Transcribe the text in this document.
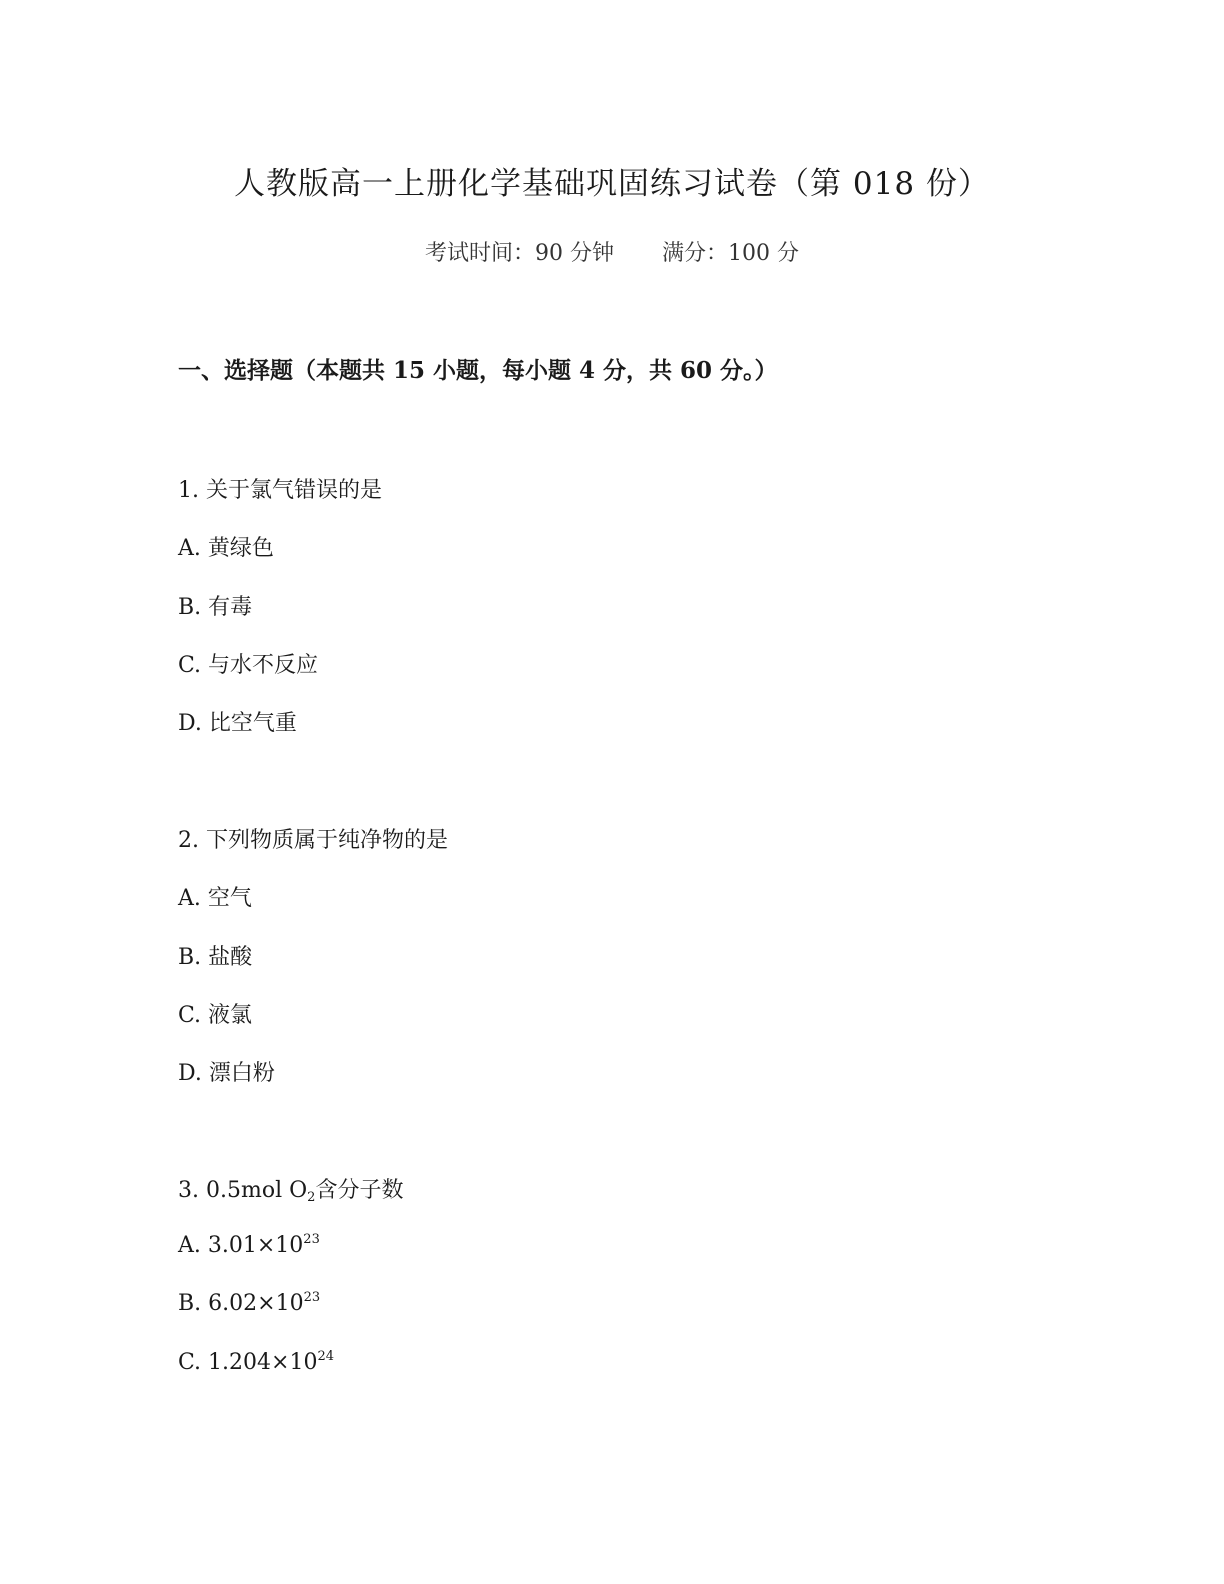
人教版高一上册化学基础巩固练习试卷（第 018 份）
考试时间：90 分钟 满分：100 分
一、选择题（本题共 15 小题，每小题 4 分，共 60 分。）
1. 关于氯气错误的是
A. 黄绿色
B. 有毒
C. 与水不反应
D. 比空气重
2. 下列物质属于纯净物的是
A. 空气
B. 盐酸
C. 液氯
D. 漂白粉
3. 0.5mol $O_2$含分子数
A. $3.01\times 10^{23}$
B. $6.02\times 10^{23}$
C. $1.204\times 10^{24}$
